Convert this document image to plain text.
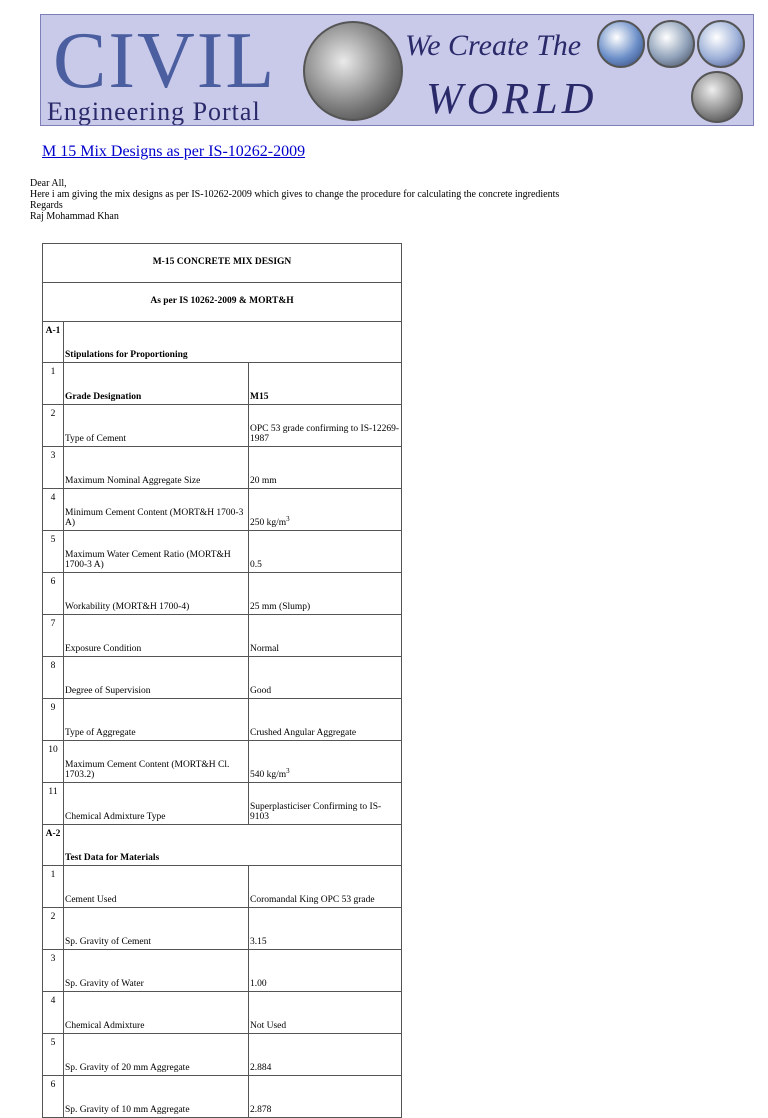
CIVIL
Engineering Portal
We Create The
WORLD
M 15 Mix Designs as per IS-10262-2009
Dear All,
Here i am giving the mix designs as per IS-10262-2009 which gives to change the procedure for calculating the concrete ingredients
Regards
Raj Mohammad Khan
M-15 CONCRETE MIX DESIGN		
As per IS 10262-2009 & MORT&H		
A-1	Stipulations for Proportioning	
1	Grade Designation	M15
2	Type of Cement	OPC 53 grade confirming to IS-12269-1987
3	Maximum Nominal Aggregate Size	20 mm
4	Minimum Cement Content (MORT&H 1700-3 A)	250 $kg/m^3$
5	Maximum Water Cement Ratio (MORT&H 1700-3 A)	0.5
6	Workability (MORT&H 1700-4)	25 mm (Slump)
7	Exposure Condition	Normal
8	Degree of Supervision	Good
9	Type of Aggregate	Crushed Angular Aggregate
10	Maximum Cement Content (MORT&H Cl. 1703.2)	540 $kg/m^3$
11	Chemical Admixture Type	Superplasticiser Confirming to IS-9103
A-2	Test Data for Materials	
1	Cement Used	Coromandal King OPC 53 grade
2	Sp. Gravity of Cement	3.15
3	Sp. Gravity of Water	1.00
4	Chemical Admixture	Not Used
5	Sp. Gravity of 20 mm Aggregate	2.884
6	Sp. Gravity of 10 mm Aggregate	2.878
